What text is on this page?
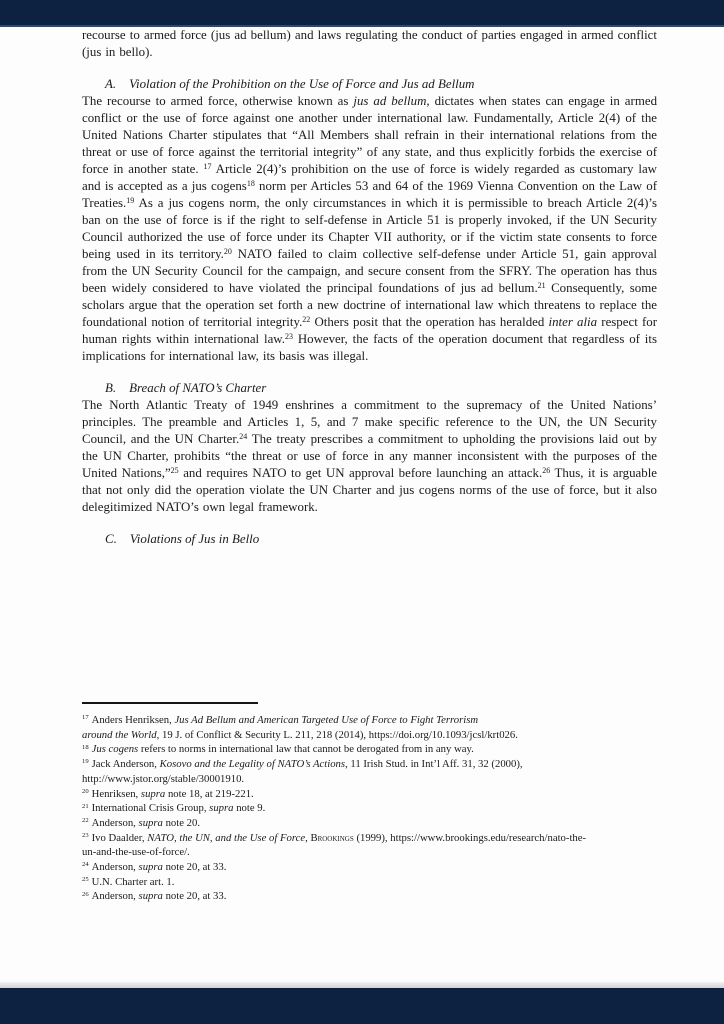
recourse to armed force (jus ad bellum) and laws regulating the conduct of parties engaged in armed conflict (jus in bello).

A. Violation of the Prohibition on the Use of Force and Jus ad Bellum

The recourse to armed force, otherwise known as jus ad bellum, dictates when states can engage in armed conflict or the use of force against one another under international law. Fundamentally, Article 2(4) of the United Nations Charter stipulates that “All Members shall refrain in their international relations from the threat or use of force against the territorial integrity” of any state, and thus explicitly forbids the exercise of force in another state. $^{17}$ Article 2(4)’s prohibition on the use of force is widely regarded as customary law and is accepted as a jus cogens$^{18}$ norm per Articles 53 and 64 of the 1969 Vienna Convention on the Law of Treaties.$^{19}$ As a jus cogens norm, the only circumstances in which it is permissible to breach Article 2(4)’s ban on the use of force is if the right to self-defense in Article 51 is properly invoked, if the UN Security Council authorized the use of force under its Chapter VII authority, or if the victim state consents to force being used in its territory.$^{20}$ NATO failed to claim collective self-defense under Article 51, gain approval from the UN Security Council for the campaign, and secure consent from the SFRY. The operation has thus been widely considered to have violated the principal foundations of jus ad bellum.$^{21}$ Consequently, some scholars argue that the operation set forth a new doctrine of international law which threatens to replace the foundational notion of territorial integrity.$^{22}$ Others posit that the operation has heralded inter alia respect for human rights within international law.$^{23}$ However, the facts of the operation document that regardless of its implications for international law, its basis was illegal.

B. Breach of NATO’s Charter

The North Atlantic Treaty of 1949 enshrines a commitment to the supremacy of the United Nations’ principles. The preamble and Articles 1, 5, and 7 make specific reference to the UN, the UN Security Council, and the UN Charter.$^{24}$ The treaty prescribes a commitment to upholding the provisions laid out by the UN Charter, prohibits “the threat or use of force in any manner inconsistent with the purposes of the United Nations,”$^{25}$ and requires NATO to get UN approval before launching an attack.$^{26}$ Thus, it is arguable that not only did the operation violate the UN Charter and jus cogens norms of the use of force, but it also delegitimized NATO’s own legal framework.

C. Violations of Jus in Bello

$^{17}$ Anders Henriksen, Jus Ad Bellum and American Targeted Use of Force to Fight Terrorism
around the World, 19 J. of Conflict & Security L. 211, 218 (2014), https://doi.org/10.1093/jcsl/krt026.

$^{18}$ Jus cogens refers to norms in international law that cannot be derogated from in any way.

$^{19}$ Jack Anderson, Kosovo and the Legality of NATO’s Actions, 11 Irish Stud. in Int’l Aff. 31, 32 (2000),
http://www.jstor.org/stable/30001910.

$^{20}$ Henriksen, supra note 18, at 219-221.

$^{21}$ International Crisis Group, supra note 9.

$^{22}$ Anderson, supra note 20.

$^{23}$ Ivo Daalder, NATO, the UN, and the Use of Force, Brookings (1999), https://www.brookings.edu/research/nato-the-
un-and-the-use-of-force/.

$^{24}$ Anderson, supra note 20, at 33.

$^{25}$ U.N. Charter art. 1.

$^{26}$ Anderson, supra note 20, at 33.
